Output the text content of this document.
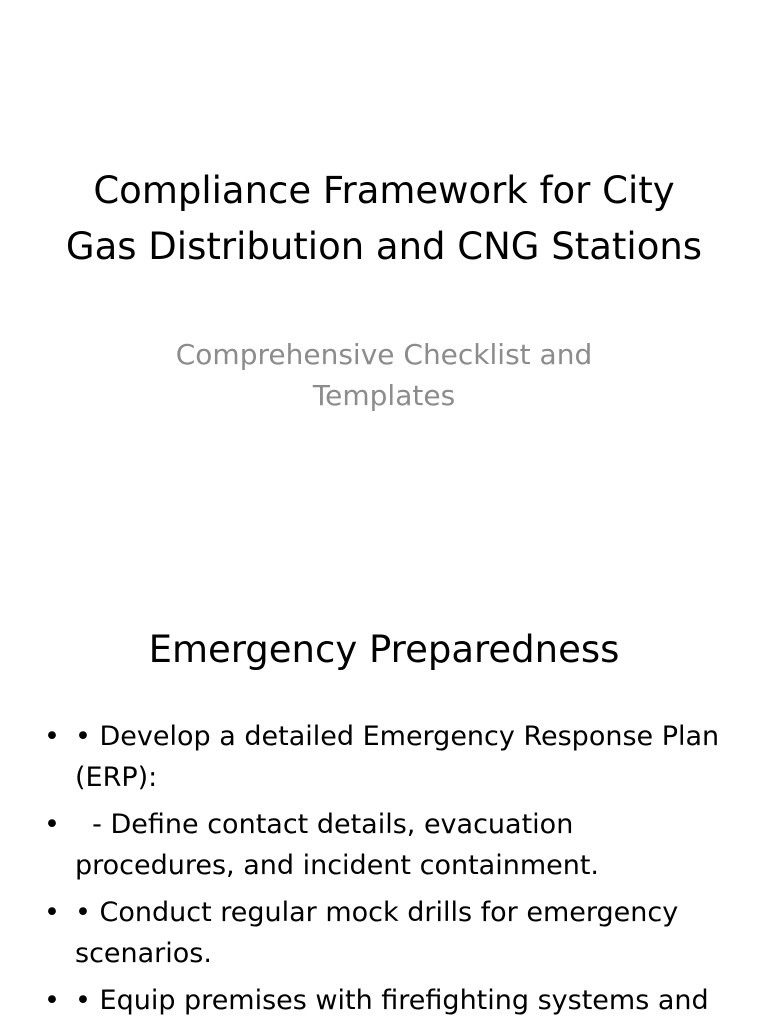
Compliance Framework for City Gas Distribution and CNG Stations

Comprehensive Checklist and Templates

Emergency Preparedness
• • Develop a detailed Emergency Response Plan (ERP):
• - Define contact details, evacuation procedures, and incident containment.
• • Conduct regular mock drills for emergency scenarios.
• • Equip premises with firefighting systems and
